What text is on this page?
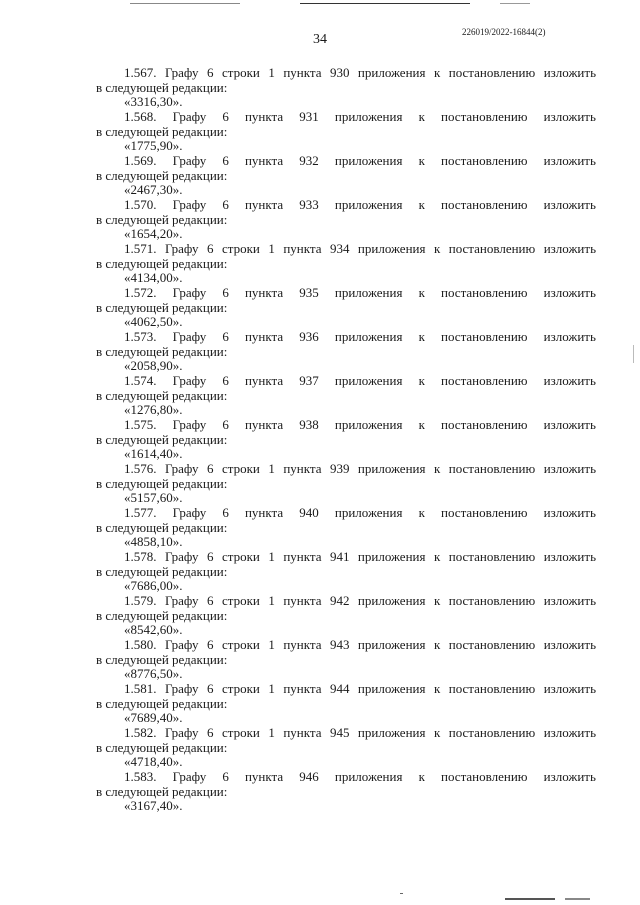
34	226019/2022-16844(2)
1.567. Графу 6 строки 1 пункта 930 приложения к постановлению изложить
в следующей редакции:
«3316,30».
1.568. Графу 6 пункта 931 приложения к постановлению изложить
в следующей редакции:
«1775,90».
1.569. Графу 6 пункта 932 приложения к постановлению изложить
в следующей редакции:
«2467,30».
1.570. Графу 6 пункта 933 приложения к постановлению изложить
в следующей редакции:
«1654,20».
1.571. Графу 6 строки 1 пункта 934 приложения к постановлению изложить
в следующей редакции:
«4134,00».
1.572. Графу 6 пункта 935 приложения к постановлению изложить
в следующей редакции:
«4062,50».
1.573. Графу 6 пункта 936 приложения к постановлению изложить
в следующей редакции:
«2058,90».
1.574. Графу 6 пункта 937 приложения к постановлению изложить
в следующей редакции:
«1276,80».
1.575. Графу 6 пункта 938 приложения к постановлению изложить
в следующей редакции:
«1614,40».
1.576. Графу 6 строки 1 пункта 939 приложения к постановлению изложить
в следующей редакции:
«5157,60».
1.577. Графу 6 пункта 940 приложения к постановлению изложить
в следующей редакции:
«4858,10».
1.578. Графу 6 строки 1 пункта 941 приложения к постановлению изложить
в следующей редакции:
«7686,00».
1.579. Графу 6 строки 1 пункта 942 приложения к постановлению изложить
в следующей редакции:
«8542,60».
1.580. Графу 6 строки 1 пункта 943 приложения к постановлению изложить
в следующей редакции:
«8776,50».
1.581. Графу 6 строки 1 пункта 944 приложения к постановлению изложить
в следующей редакции:
«7689,40».
1.582. Графу 6 строки 1 пункта 945 приложения к постановлению изложить
в следующей редакции:
«4718,40».
1.583. Графу 6 пункта 946 приложения к постановлению изложить
в следующей редакции:
«3167,40».
